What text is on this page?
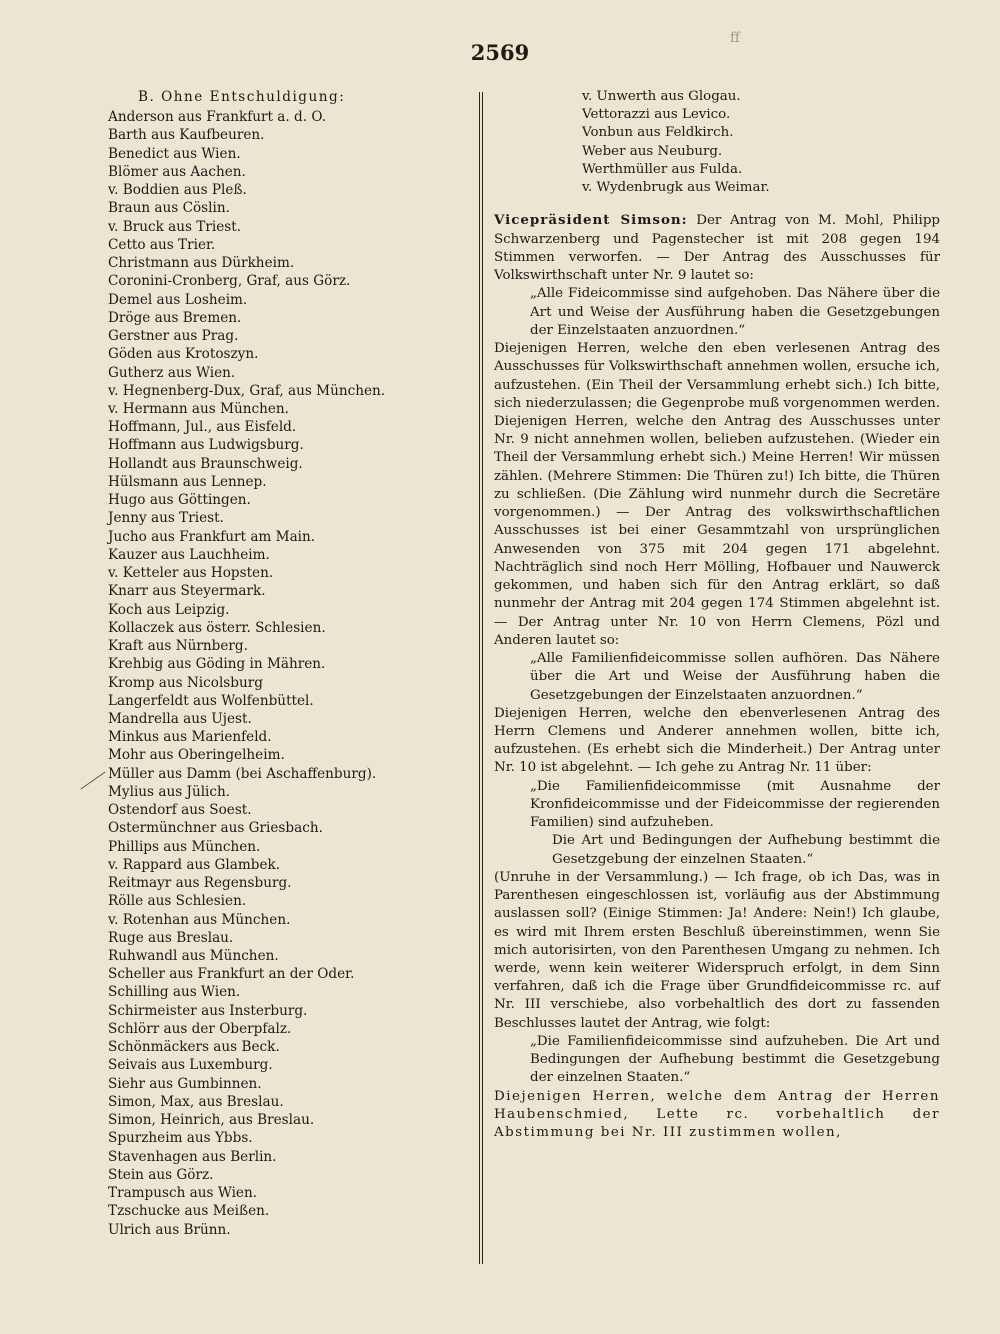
ff
2569
B. Ohne Entschuldigung:
Anderson aus Frankfurt a. d. O.
Barth aus Kaufbeuren.
Benedict aus Wien.
Blömer aus Aachen.
v. Boddien aus Pleß.
Braun aus Cöslin.
v. Bruck aus Triest.
Cetto aus Trier.
Christmann aus Dürkheim.
Coronini-Cronberg, Graf, aus Görz.
Demel aus Losheim.
Dröge aus Bremen.
Gerstner aus Prag.
Göden aus Krotoszyn.
Gutherz aus Wien.
v. Hegnenberg-Dux, Graf, aus München.
v. Hermann aus München.
Hoffmann, Jul., aus Eisfeld.
Hoffmann aus Ludwigsburg.
Hollandt aus Braunschweig.
Hülsmann aus Lennep.
Hugo aus Göttingen.
Jenny aus Triest.
Jucho aus Frankfurt am Main.
Kauzer aus Lauchheim.
v. Ketteler aus Hopsten.
Knarr aus Steyermark.
Koch aus Leipzig.
Kollaczek aus österr. Schlesien.
Kraft aus Nürnberg.
Krehbig aus Göding in Mähren.
Kromp aus Nicolsburg
Langerfeldt aus Wolfenbüttel.
Mandrella aus Ujest.
Minkus aus Marienfeld.
Mohr aus Oberingelheim.
Müller aus Damm (bei Aschaffenburg).
Mylius aus Jülich.
Ostendorf aus Soest.
Ostermünchner aus Griesbach.
Phillips aus München.
v. Rappard aus Glambek.
Reitmayr aus Regensburg.
Rölle aus Schlesien.
v. Rotenhan aus München.
Ruge aus Breslau.
Ruhwandl aus München.
Scheller aus Frankfurt an der Oder.
Schilling aus Wien.
Schirmeister aus Insterburg.
Schlörr aus der Oberpfalz.
Schönmäckers aus Beck.
Seivais aus Luxemburg.
Siehr aus Gumbinnen.
Simon, Max, aus Breslau.
Simon, Heinrich, aus Breslau.
Spurzheim aus Ybbs.
Stavenhagen aus Berlin.
Stein aus Görz.
Trampusch aus Wien.
Tzschucke aus Meißen.
Ulrich aus Brünn.
v. Unwerth aus Glogau.
Vettorazzi aus Levico.
Vonbun aus Feldkirch.
Weber aus Neuburg.
Werthmüller aus Fulda.
v. Wydenbrugk aus Weimar.

Vicepräsident Simson: Der Antrag von M. Mohl, Philipp Schwarzenberg und Pagenstecher ist mit 208 gegen 194 Stimmen verworfen. — Der Antrag des Ausschusses für Volkswirthschaft unter Nr. 9 lautet so:

„Alle Fideicommisse sind aufgehoben. Das Nähere über die Art und Weise der Ausführung haben die Gesetzgebungen der Einzelstaaten anzuordnen.“

Diejenigen Herren, welche den eben verlesenen Antrag des Ausschusses für Volkswirthschaft annehmen wollen, ersuche ich, aufzustehen. (Ein Theil der Versammlung erhebt sich.) Ich bitte, sich niederzulassen; die Gegenprobe muß vorgenommen werden. Diejenigen Herren, welche den Antrag des Ausschusses unter Nr. 9 nicht annehmen wollen, belieben aufzustehen. (Wieder ein Theil der Versammlung erhebt sich.) Meine Herren! Wir müssen zählen. (Mehrere Stimmen: Die Thüren zu!) Ich bitte, die Thüren zu schließen. (Die Zählung wird nunmehr durch die Secretäre vorgenommen.) — Der Antrag des volkswirthschaftlichen Ausschusses ist bei einer Gesammtzahl von ursprünglichen Anwesenden von 375 mit 204 gegen 171 abgelehnt. Nachträglich sind noch Herr Mölling, Hofbauer und Nauwerck gekommen, und haben sich für den Antrag erklärt, so daß nunmehr der Antrag mit 204 gegen 174 Stimmen abgelehnt ist. — Der Antrag unter Nr. 10 von Herrn Clemens, Pözl und Anderen lautet so:

„Alle Familienfideicommisse sollen aufhören. Das Nähere über die Art und Weise der Ausführung haben die Gesetzgebungen der Einzelstaaten anzuordnen.“

Diejenigen Herren, welche den ebenverlesenen Antrag des Herrn Clemens und Anderer annehmen wollen, bitte ich, aufzustehen. (Es erhebt sich die Minderheit.) Der Antrag unter Nr. 10 ist abgelehnt. — Ich gehe zu Antrag Nr. 11 über:

„Die Familienfideicommisse (mit Ausnahme der Kronfideicommisse und der Fideicommisse der regierenden Familien) sind aufzuheben.

Die Art und Bedingungen der Aufhebung bestimmt die Gesetzgebung der einzelnen Staaten.“

(Unruhe in der Versammlung.) — Ich frage, ob ich Das, was in Parenthesen eingeschlossen ist, vorläufig aus der Abstimmung auslassen soll? (Einige Stimmen: Ja! Andere: Nein!) Ich glaube, es wird mit Ihrem ersten Beschluß übereinstimmen, wenn Sie mich autorisirten, von den Parenthesen Umgang zu nehmen. Ich werde, wenn kein weiterer Widerspruch erfolgt, in dem Sinn verfahren, daß ich die Frage über Grundfideicommisse rc. auf Nr. III verschiebe, also vorbehaltlich des dort zu fassenden Beschlusses lautet der Antrag, wie folgt:

„Die Familienfideicommisse sind aufzuheben. Die Art und Bedingungen der Aufhebung bestimmt die Gesetzgebung der einzelnen Staaten.“

Diejenigen Herren, welche dem Antrag der Herren Haubenschmied, Lette rc. vorbehaltlich der Abstimmung bei Nr. III zustimmen wollen,
